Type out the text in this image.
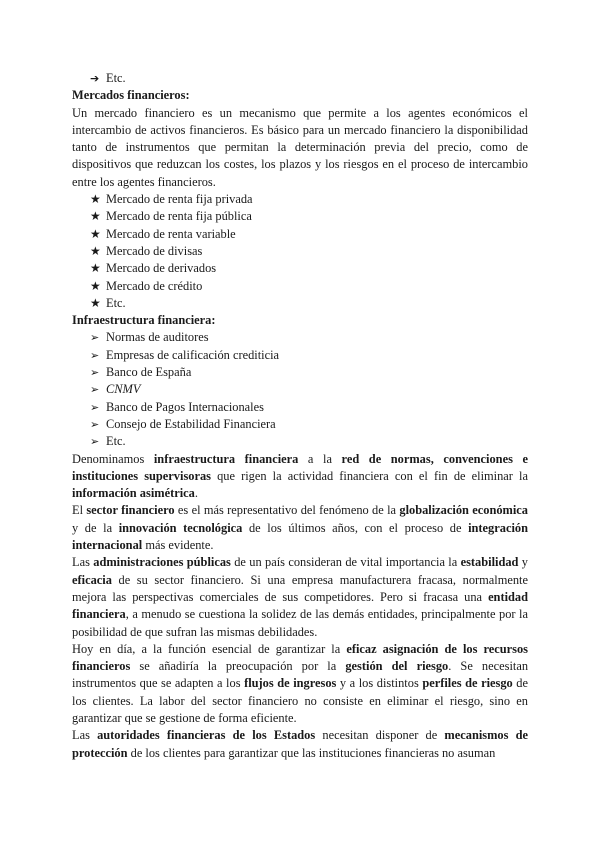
➔ Etc.
Mercados financieros:

Un mercado financiero es un mecanismo que permite a los agentes económicos el intercambio de activos financieros. Es básico para un mercado financiero la disponibilidad tanto de instrumentos que permitan la determinación previa del precio, como de dispositivos que reduzcan los costes, los plazos y los riesgos en el proceso de intercambio entre los agentes financieros.

★ Mercado de renta fija privada
★ Mercado de renta fija pública
★ Mercado de renta variable
★ Mercado de divisas
★ Mercado de derivados
★ Mercado de crédito
★ Etc.
Infraestructura financiera:
➢ Normas de auditores
➢ Empresas de calificación crediticia
➢ Banco de España
➢ CNMV
➢ Banco de Pagos Internacionales
➢ Consejo de Estabilidad Financiera
➢ Etc.

Denominamos infraestructura financiera a la red de normas, convenciones e instituciones supervisoras que rigen la actividad financiera con el fin de eliminar la información asimétrica.

El sector financiero es el más representativo del fenómeno de la globalización económica y de la innovación tecnológica de los últimos años, con el proceso de integración internacional más evidente.

Las administraciones públicas de un país consideran de vital importancia la estabilidad y eficacia de su sector financiero. Si una empresa manufacturera fracasa, normalmente mejora las perspectivas comerciales de sus competidores. Pero si fracasa una entidad financiera, a menudo se cuestiona la solidez de las demás entidades, principalmente por la posibilidad de que sufran las mismas debilidades.

Hoy en día, a la función esencial de garantizar la eficaz asignación de los recursos financieros se añadiría la preocupación por la gestión del riesgo. Se necesitan instrumentos que se adapten a los flujos de ingresos y a los distintos perfiles de riesgo de los clientes. La labor del sector financiero no consiste en eliminar el riesgo, sino en garantizar que se gestione de forma eficiente.

Las autoridades financieras de los Estados necesitan disponer de mecanismos de protección de los clientes para garantizar que las instituciones financieras no asuman
